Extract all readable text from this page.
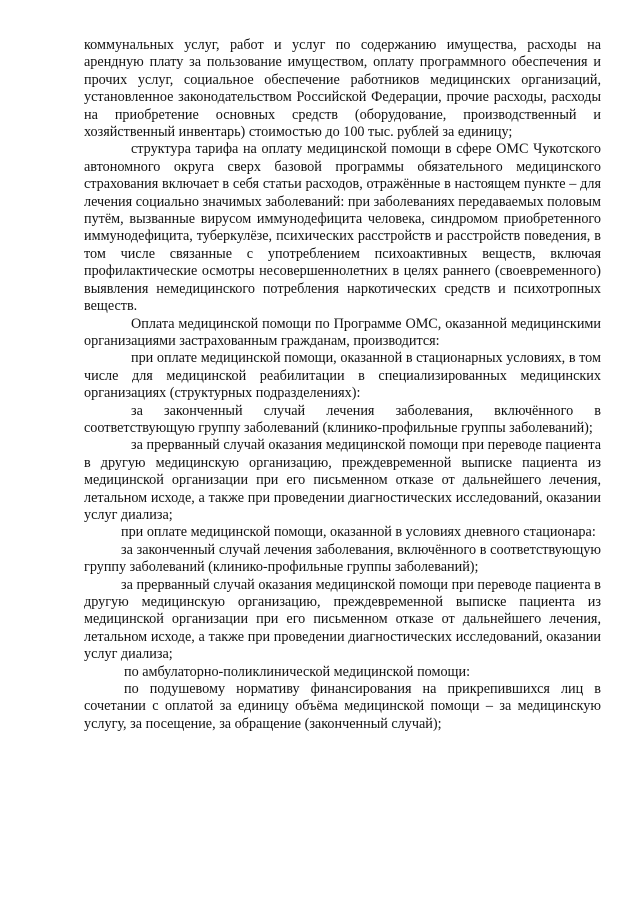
коммунальных услуг, работ и услуг по содержанию имущества, расходы на арендную плату за пользование имуществом, оплату программного обеспечения и прочих услуг, социальное обеспечение работников медицинских организаций, установленное законодательством Российской Федерации, прочие расходы, расходы на приобретение основных средств (оборудование, производственный и хозяйственный инвентарь) стоимостью до 100 тыс. рублей за единицу;

структура тарифа на оплату медицинской помощи в сфере ОМС Чукотского автономного округа сверх базовой программы обязательного медицинского страхования включает в себя статьи расходов, отражённые в настоящем пункте – для лечения социально значимых заболеваний: при заболеваниях передаваемых половым путём, вызванные вирусом иммунодефицита человека, синдромом приобретенного иммунодефицита, туберкулёзе, психических расстройств и расстройств поведения, в том числе связанные с употреблением психоактивных веществ, включая профилактические осмотры несовершеннолетних в целях раннего (своевременного) выявления немедицинского потребления наркотических средств и психотропных веществ.

Оплата медицинской помощи по Программе ОМС, оказанной медицинскими организациями застрахованным гражданам, производится:

при оплате медицинской помощи, оказанной в стационарных условиях, в том числе для медицинской реабилитации в специализированных медицинских организациях (структурных подразделениях):

за законченный случай лечения заболевания, включённого в соответствующую группу заболеваний (клинико-профильные группы заболеваний);

за прерванный случай оказания медицинской помощи при переводе пациента в другую медицинскую организацию, преждевременной выписке пациента из медицинской организации при его письменном отказе от дальнейшего лечения, летальном исходе, а также при проведении диагностических исследований, оказании услуг диализа;

при оплате медицинской помощи, оказанной в условиях дневного стационара:

за законченный случай лечения заболевания, включённого в соответствующую группу заболеваний (клинико-профильные группы заболеваний);

за прерванный случай оказания медицинской помощи при переводе пациента в другую медицинскую организацию, преждевременной выписке пациента из медицинской организации при его письменном отказе от дальнейшего лечения, летальном исходе, а также при проведении диагностических исследований, оказании услуг диализа;

по амбулаторно-поликлинической медицинской помощи:

по подушевому нормативу финансирования на прикрепившихся лиц в сочетании с оплатой за единицу объёма медицинской помощи – за медицинскую услугу, за посещение, за обращение (законченный случай);
